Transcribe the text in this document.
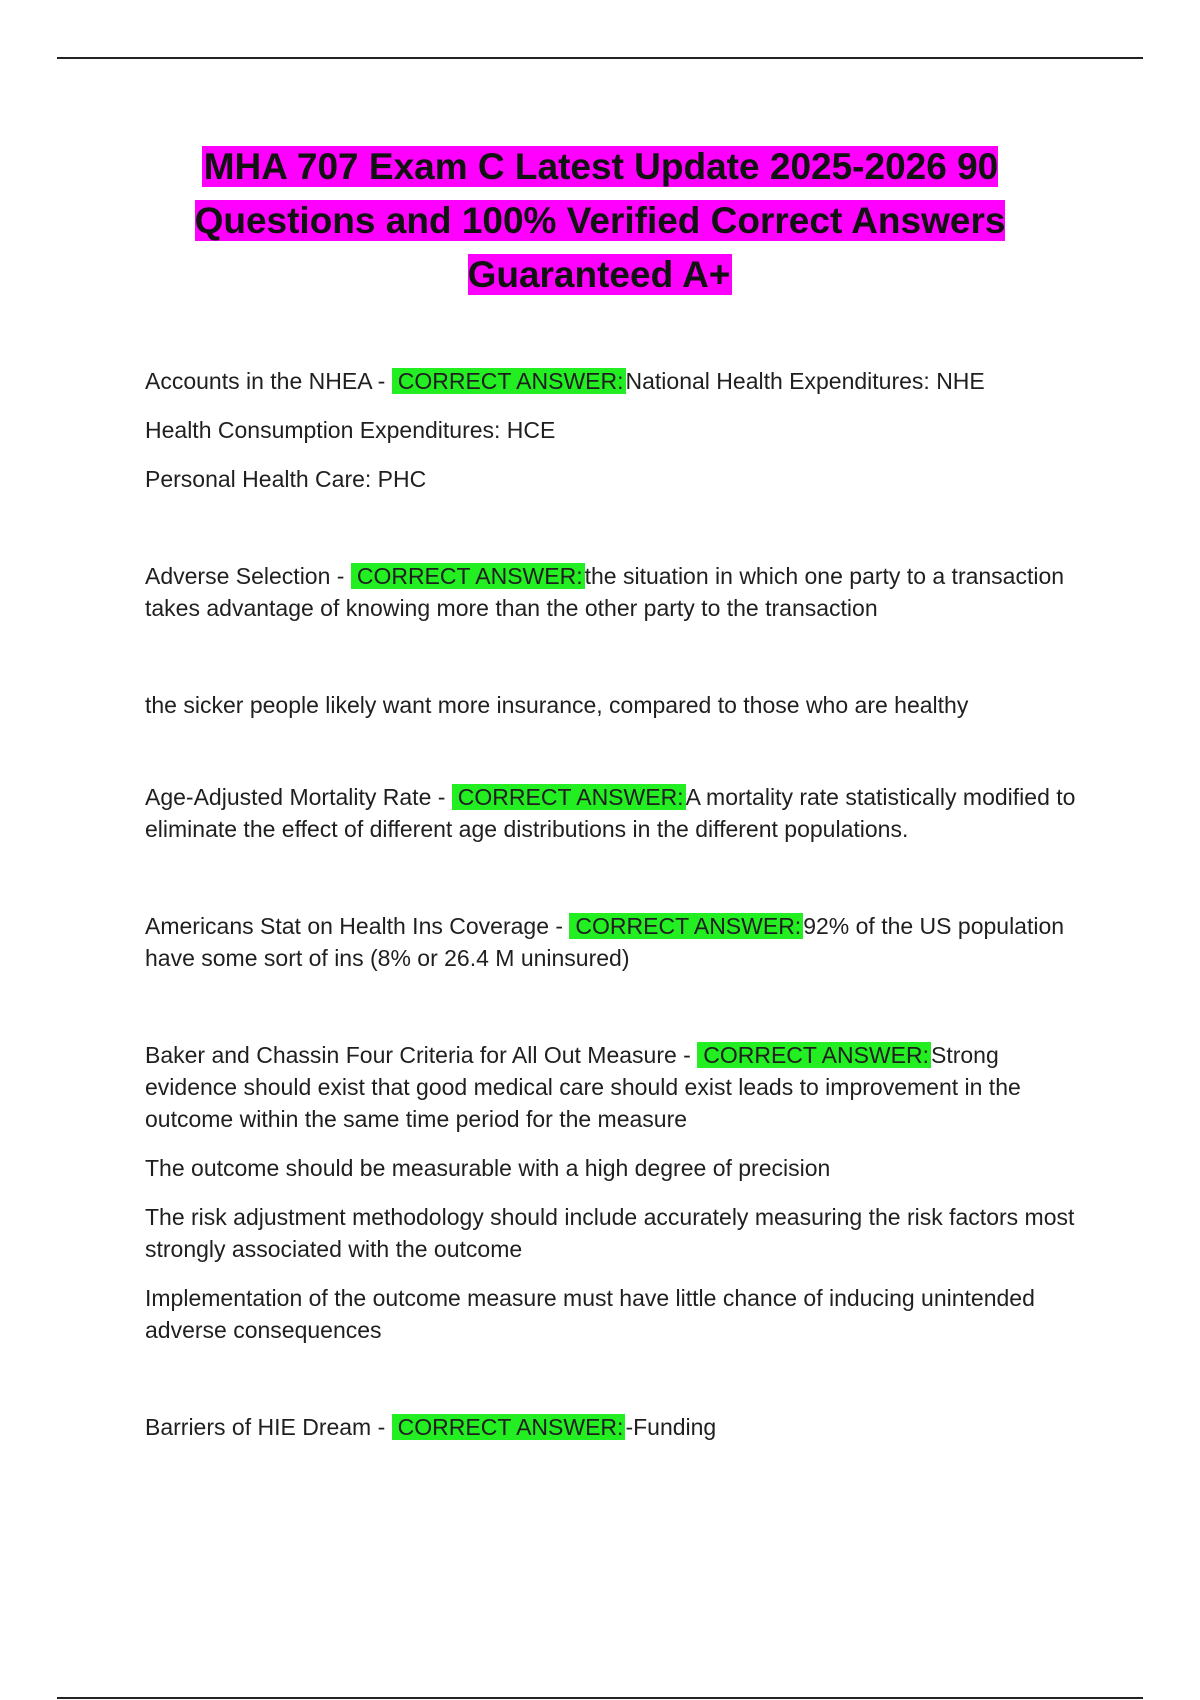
MHA 707 Exam C Latest Update 2025-2026 90 Questions and 100% Verified Correct Answers Guaranteed A+

Accounts in the NHEA - CORRECT ANSWER:National Health Expenditures: NHE

Health Consumption Expenditures: HCE

Personal Health Care: PHC

Adverse Selection - CORRECT ANSWER:the situation in which one party to a transaction takes advantage of knowing more than the other party to the transaction

the sicker people likely want more insurance, compared to those who are healthy

Age-Adjusted Mortality Rate - CORRECT ANSWER:A mortality rate statistically modified to eliminate the effect of different age distributions in the different populations.

Americans Stat on Health Ins Coverage - CORRECT ANSWER:92% of the US population have some sort of ins (8% or 26.4 M uninsured)

Baker and Chassin Four Criteria for All Out Measure - CORRECT ANSWER:Strong evidence should exist that good medical care should exist leads to improvement in the outcome within the same time period for the measure

The outcome should be measurable with a high degree of precision

The risk adjustment methodology should include accurately measuring the risk factors most strongly associated with the outcome

Implementation of the outcome measure must have little chance of inducing unintended adverse consequences

Barriers of HIE Dream - CORRECT ANSWER:-Funding
